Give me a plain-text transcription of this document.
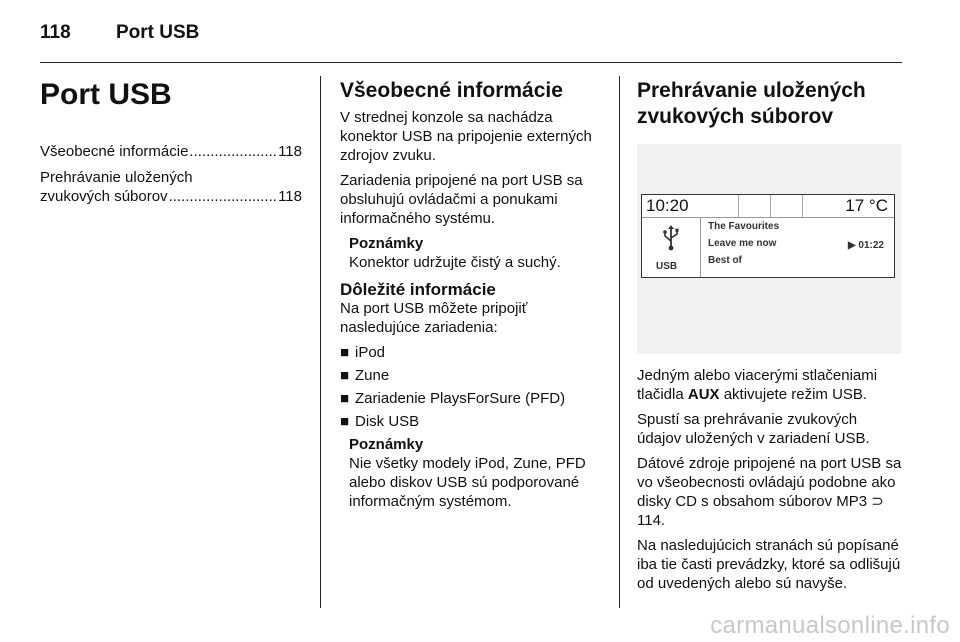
118 Port USB
Port USB
Všeobecné informácie .....	118
Prehrávanie uložených
zvukových súborov .....	118
Všeobecné informácie

V strednej konzole sa nachádza konektor USB na pripojenie externých zdrojov zvuku.

Zariadenia pripojené na port USB sa obsluhujú ovládačmi a ponukami informačného systému.

Poznámky

Konektor udržujte čistý a suchý.

Dôležité informácie

Na port USB môžete pripojiť nasledujúce zariadenia:

■ iPod
■ Zune
■ Zariadenie PlaysForSure (PFD)
■ Disk USB
Poznámky

Nie všetky modely iPod, Zune, PFD alebo diskov USB sú podporované informačným systémom.

Prehrávanie uložených zvukových súborov
10:20	17 °C
USB
The Favourites
Leave me now
Best of
▶ 01:22

Jedným alebo viacerými stlačeniami tlačidla AUX aktivujete režim USB.

Spustí sa prehrávanie zvukových údajov uložených v zariadení USB.

Dátové zdroje pripojené na port USB sa vo všeobecnosti ovládajú podobne ako disky CD s obsahom súborov MP3 ⊃ 114.

Na nasledujúcich stranách sú popísané iba tie časti prevádzky, ktoré sa odlišujú od uvedených alebo sú navyše.

carmanualsonline.info
